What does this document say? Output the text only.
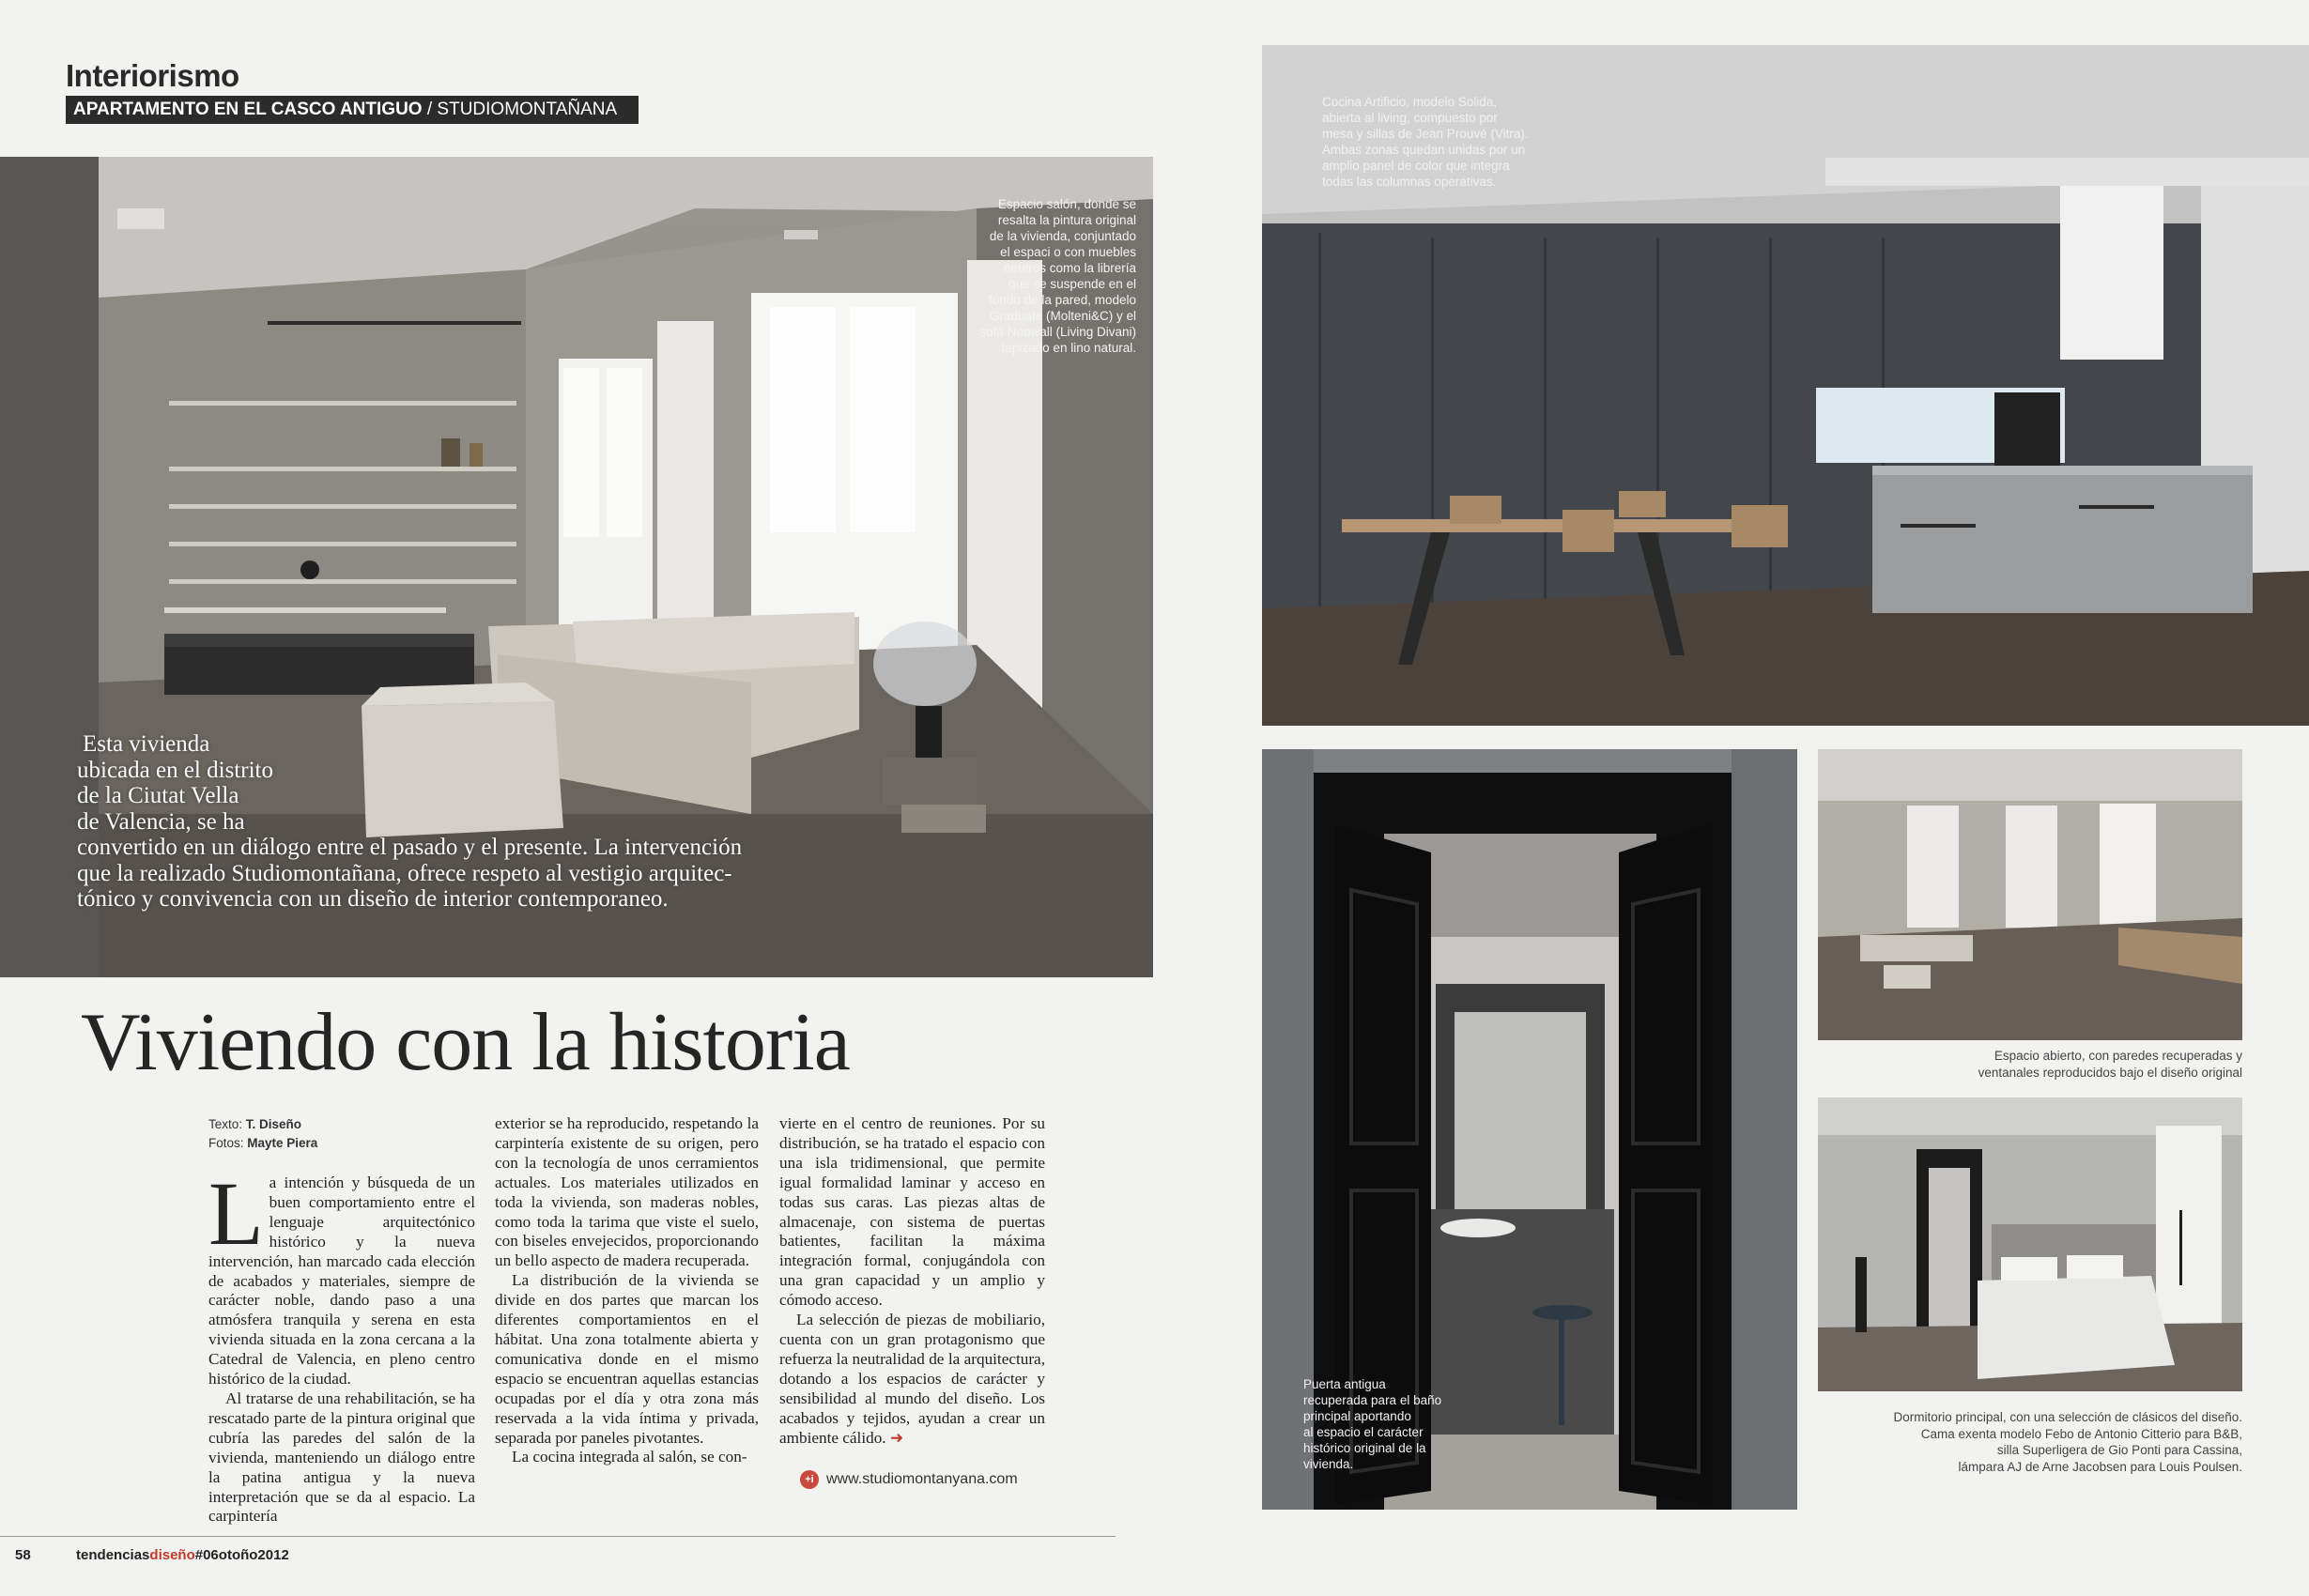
Interiorismo
APARTAMENTO EN EL CASCO ANTIGUO / STUDIOMONTAÑANA
Espacio salón, donde se
resalta la pintura original
de la vivienda, conjuntado
el espaci o con muebles
neutros como la librería
que se suspende en el
fondo de la pared, modelo
Graduate (Molteni&C) y el
sofá Neowall (Living Divani)
tapizado en lino natural.
Esta vivienda
ubicada en el distrito
de la Ciutat Vella
de Valencia, se ha
convertido en un diálogo entre el pasado y el presente. La intervención
que la realizado Studiomontañana, ofrece respeto al vestigio arquitec-
tónico y convivencia con un diseño de interior contemporaneo.
Viviendo con la historia
Texto: T. Diseño
Fotos: Mayte Piera

La intención y búsqueda de un buen comportamiento entre el lenguaje arquitectónico histórico y la nueva intervención, han marcado cada elección de acabados y materiales, siempre de carácter noble, dando paso a una atmósfera tranquila y serena en esta vivienda situada en la zona cercana a la Catedral de Valencia, en pleno centro histórico de la ciudad.

Al tratarse de una rehabilitación, se ha rescatado parte de la pintura original que cubría las paredes del salón de la vivienda, manteniendo un diálogo entre la patina antigua y la nueva interpretación que se da al espacio. La carpintería

exterior se ha reproducido, respetando la carpintería existente de su origen, pero con la tecnología de unos cerramientos actuales. Los materiales utilizados en toda la vivienda, son maderas nobles, como toda la tarima que viste el suelo, con biseles envejecidos, proporcionando un bello aspecto de madera recuperada.

La distribución de la vivienda se divide en dos partes que marcan los diferentes comportamientos en el hábitat. Una zona totalmente abierta y comunicativa donde en el mismo espacio se encuentran aquellas estancias ocupadas por el día y otra zona más reservada a la vida íntima y privada, separada por paneles pivotantes.

La cocina integrada al salón, se con-

vierte en el centro de reuniones. Por su distribución, se ha tratado el espacio con una isla tridimensional, que permite igual formalidad laminar y acceso en todas sus caras. Las piezas altas de almacenaje, con sistema de puertas batientes, facilitan la máxima integración formal, conjugándola con una gran capacidad y un amplio y cómodo acceso.

La selección de piezas de mobiliario, cuenta con un gran protagonismo que refuerza la neutralidad de la arquitectura, dotando a los espacios de carácter y sensibilidad al mundo del diseño. Los acabados y tejidos, ayudan a crear un ambiente cálido. ➜

+i www.studiomontanyana.com
58	tendenciasdiseño#06otoño2012
Cocina Artificio, modelo Solida,
abierta al living, compuesto por
mesa y sillas de Jean Prouvé (Vitra).
Ambas zonas quedan unidas por un
amplio panel de color que integra
todas las columnas operativas.
Puerta antigua
recuperada para el baño
principal aportando
al espacio el carácter
histórico original de la
vivienda.
Espacio abierto, con paredes recuperadas y
ventanales reproducidos bajo el diseño original
Dormitorio principal, con una selección de clásicos del diseño.
Cama exenta modelo Febo de Antonio Citterio para B&B,
silla Superligera de Gio Ponti para Cassina,
lámpara AJ de Arne Jacobsen para Louis Poulsen.
